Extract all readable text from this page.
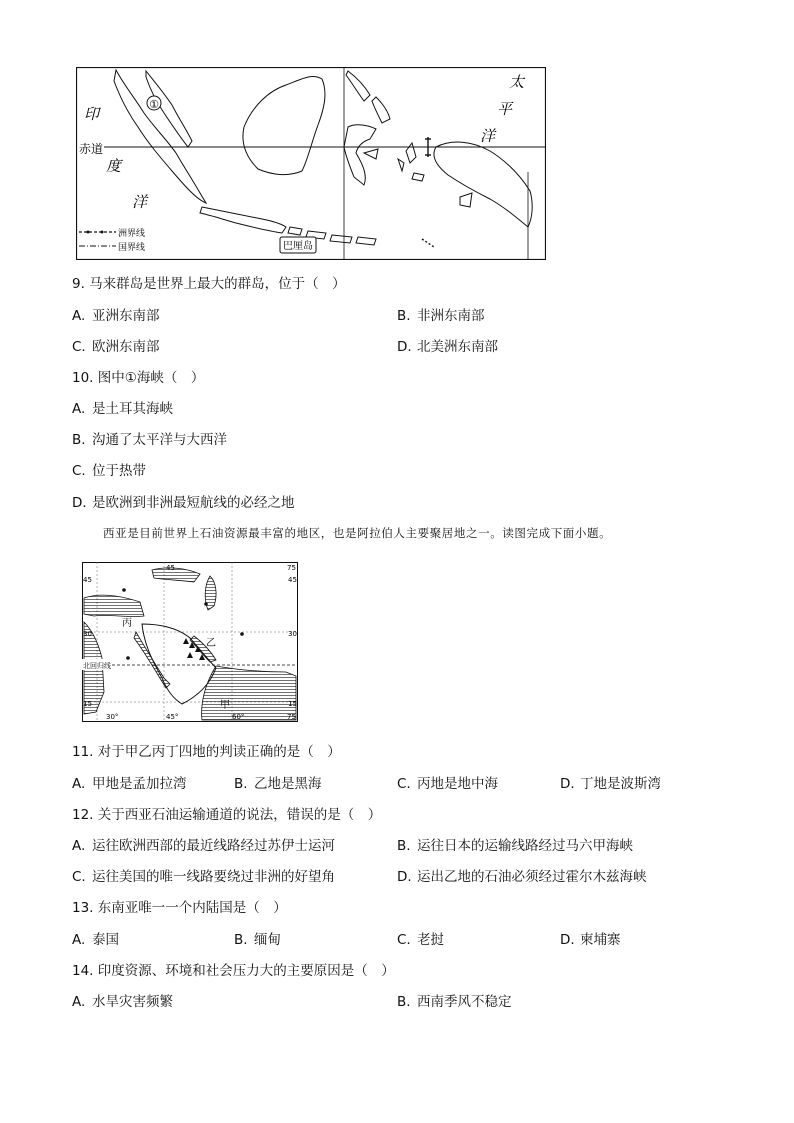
①
太
平
洋
印
度
洋
赤道
洲界线
国界线	巴厘岛
9. 马来群岛是世界上最大的群岛，位于（　）
A. 亚洲东南部	B. 非洲东南部
C. 欧洲东南部	D. 北美洲东南部
10. 图中①海峡（　）
A. 是土耳其海峡
B. 沟通了太平洋与大西洋
C. 位于热带
D. 是欧洲到非洲最短航线的必经之地
西亚是目前世界上石油资源最丰富的地区，也是阿拉伯人主要聚居地之一。读图完成下面小题。
丙
乙
甲
北回归线
45
30
15
45	75
45
30
15
30°	45°	60°	75
11. 对于甲乙丙丁四地的判读正确的是（　）
A. 甲地是孟加拉湾	B. 乙地是黑海	C. 丙地是地中海	D. 丁地是波斯湾
12. 关于西亚石油运输通道的说法，错误的是（　）
A. 运往欧洲西部的最近线路经过苏伊士运河	B. 运往日本的运输线路经过马六甲海峡
C. 运往美国的唯一线路要绕过非洲的好望角	D. 运出乙地的石油必须经过霍尔木兹海峡
13. 东南亚唯一一个内陆国是（　）
A. 泰国	B. 缅甸	C. 老挝	D. 柬埔寨
14. 印度资源、环境和社会压力大的主要原因是（　）
A. 水旱灾害频繁	B. 西南季风不稳定
